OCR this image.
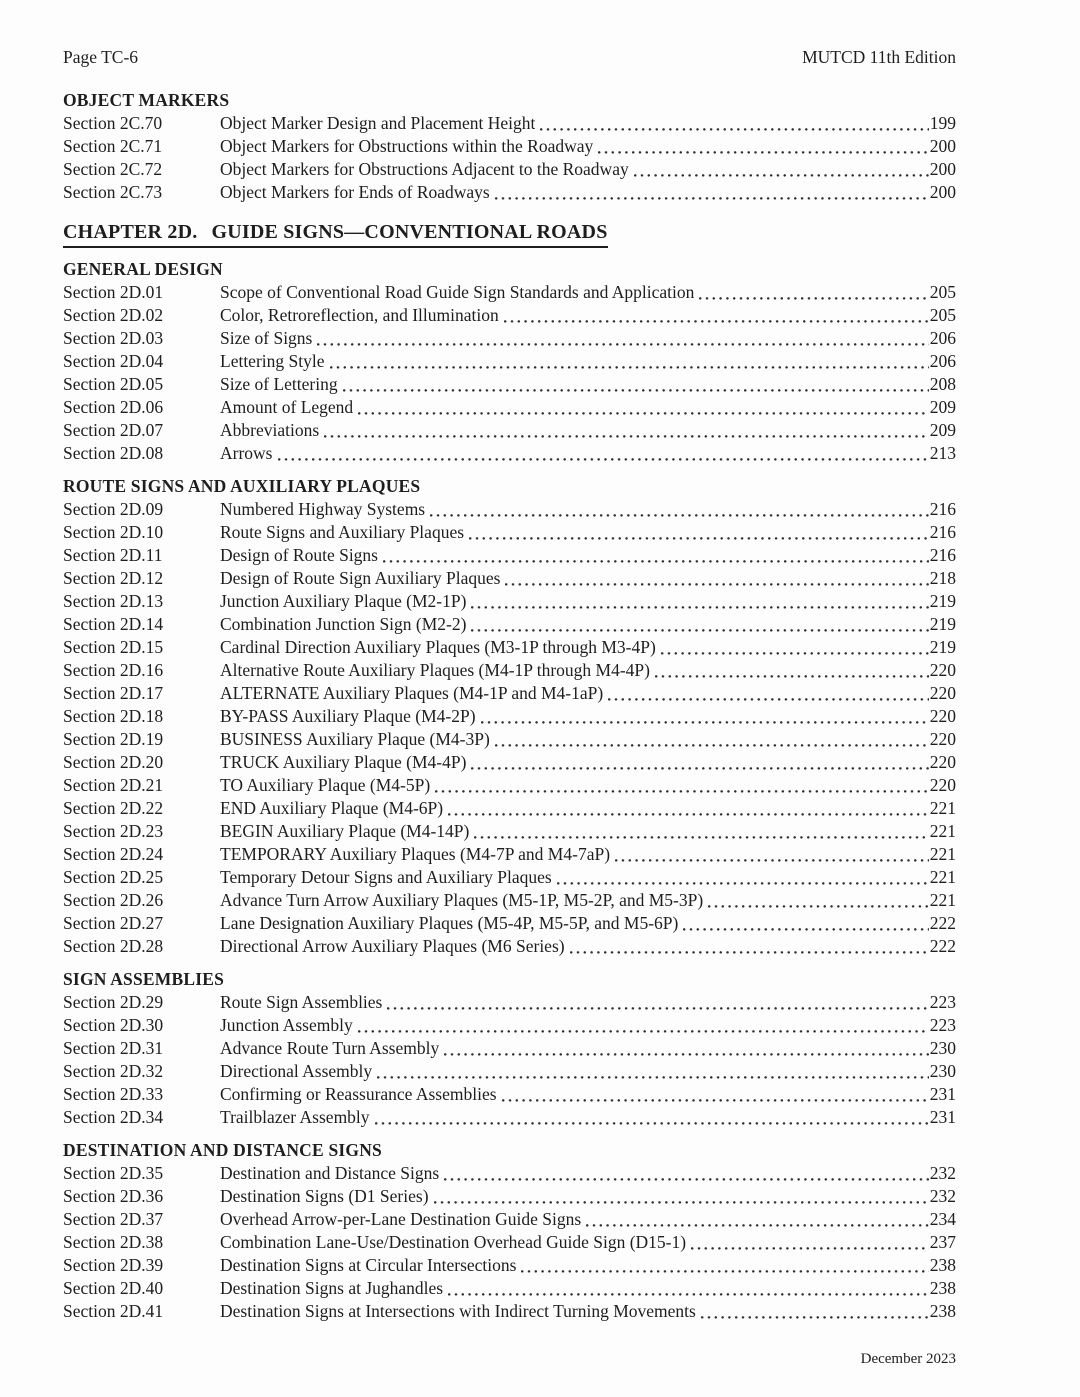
Page TC-6	MUTCD 11th Edition
OBJECT MARKERS
Section 2C.70	Object Marker Design and Placement Height	199
Section 2C.71	Object Markers for Obstructions within the Roadway	200
Section 2C.72	Object Markers for Obstructions Adjacent to the Roadway	200
Section 2C.73	Object Markers for Ends of Roadways	200
CHAPTER 2D. GUIDE SIGNS—CONVENTIONAL ROADS
GENERAL DESIGN
Section 2D.01	Scope of Conventional Road Guide Sign Standards and Application	205
Section 2D.02	Color, Retroreflection, and Illumination	205
Section 2D.03	Size of Signs	206
Section 2D.04	Lettering Style	206
Section 2D.05	Size of Lettering	208
Section 2D.06	Amount of Legend	209
Section 2D.07	Abbreviations	209
Section 2D.08	Arrows	213
ROUTE SIGNS AND AUXILIARY PLAQUES
Section 2D.09	Numbered Highway Systems	216
Section 2D.10	Route Signs and Auxiliary Plaques	216
Section 2D.11	Design of Route Signs	216
Section 2D.12	Design of Route Sign Auxiliary Plaques	218
Section 2D.13	Junction Auxiliary Plaque (M2-1P)	219
Section 2D.14	Combination Junction Sign (M2-2)	219
Section 2D.15	Cardinal Direction Auxiliary Plaques (M3-1P through M3-4P)	219
Section 2D.16	Alternative Route Auxiliary Plaques (M4-1P through M4-4P)	220
Section 2D.17	ALTERNATE Auxiliary Plaques (M4-1P and M4-1aP)	220
Section 2D.18	BY-PASS Auxiliary Plaque (M4-2P)	220
Section 2D.19	BUSINESS Auxiliary Plaque (M4-3P)	220
Section 2D.20	TRUCK Auxiliary Plaque (M4-4P)	220
Section 2D.21	TO Auxiliary Plaque (M4-5P)	220
Section 2D.22	END Auxiliary Plaque (M4-6P)	221
Section 2D.23	BEGIN Auxiliary Plaque (M4-14P)	221
Section 2D.24	TEMPORARY Auxiliary Plaques (M4-7P and M4-7aP)	221
Section 2D.25	Temporary Detour Signs and Auxiliary Plaques	221
Section 2D.26	Advance Turn Arrow Auxiliary Plaques (M5-1P, M5-2P, and M5-3P)	221
Section 2D.27	Lane Designation Auxiliary Plaques (M5-4P, M5-5P, and M5-6P)	222
Section 2D.28	Directional Arrow Auxiliary Plaques (M6 Series)	222
SIGN ASSEMBLIES
Section 2D.29	Route Sign Assemblies	223
Section 2D.30	Junction Assembly	223
Section 2D.31	Advance Route Turn Assembly	230
Section 2D.32	Directional Assembly	230
Section 2D.33	Confirming or Reassurance Assemblies	231
Section 2D.34	Trailblazer Assembly	231
DESTINATION AND DISTANCE SIGNS
Section 2D.35	Destination and Distance Signs	232
Section 2D.36	Destination Signs (D1 Series)	232
Section 2D.37	Overhead Arrow-per-Lane Destination Guide Signs	234
Section 2D.38	Combination Lane-Use/Destination Overhead Guide Sign (D15-1)	237
Section 2D.39	Destination Signs at Circular Intersections	238
Section 2D.40	Destination Signs at Jughandles	238
Section 2D.41	Destination Signs at Intersections with Indirect Turning Movements	238
December 2023
